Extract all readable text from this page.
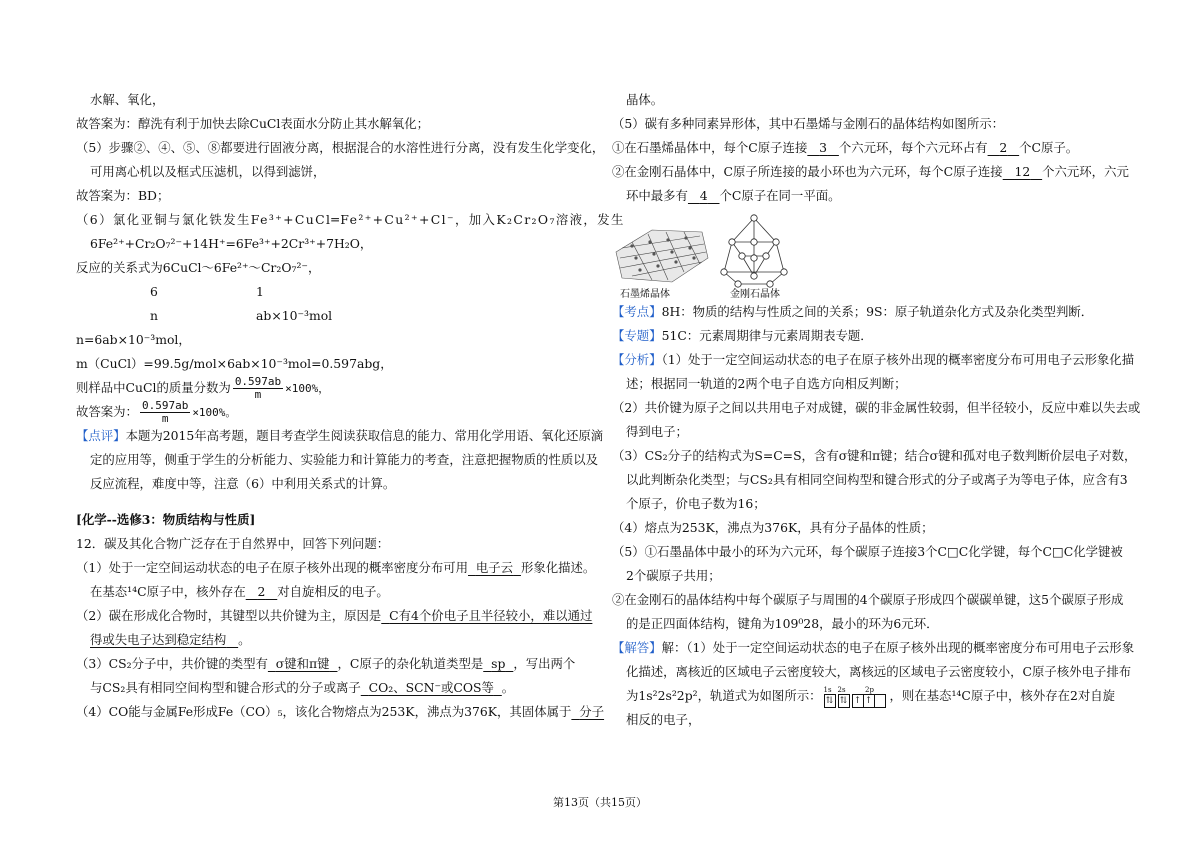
水解、氧化，
故答案为：醇洗有利于加快去除CuCl表面水分防止其水解氧化；
（5）步骤②、④、⑤、⑧都要进行固液分离，根据混合的水溶性进行分离，没有发生化学变化，
可用离心机以及框式压滤机，以得到滤饼，
故答案为：BD；
（6）氯化亚铜与氯化铁发生Fe³⁺+CuCl═Fe²⁺+Cu²⁺+Cl⁻，加入K₂Cr₂O₇溶液，发生
6Fe²⁺+Cr₂O₇²⁻+14H⁺=6Fe³⁺+2Cr³⁺+7H₂O，
反应的关系式为6CuCl～6Fe²⁺～Cr₂O₇²⁻，
6	1
n	ab×10⁻³mol
n=6ab×10⁻³mol，
m（CuCl）=99.5g/mol×6ab×10⁻³mol=0.597abg，
则样品中CuCl的质量分数为 $\frac{0.597ab}{m} \times 100\%$，
故答案为： $\frac{0.597ab}{m} \times 100\%$。
【点评】本题为2015年高考题，题目考查学生阅读获取信息的能力、常用化学用语、氧化还原滴
定的应用等，侧重于学生的分析能力、实验能力和计算能力的考查，注意把握物质的性质以及
反应流程，难度中等，注意（6）中利用关系式的计算。
[化学--选修3：物质结构与性质]
12．碳及其化合物广泛存在于自然界中，回答下列问题：
（1）处于一定空间运动状态的电子在原子核外出现的概率密度分布可用 电子云 形象化描述。
在基态¹⁴C原子中，核外存在 2 对自旋相反的电子。
（2）碳在形成化合物时，其键型以共价键为主，原因是 C有4个价电子且半径较小，难以通过
得或失电子达到稳定结构 。
（3）CS₂分子中，共价键的类型有 σ键和π键 ，C原子的杂化轨道类型是 sp ，写出两个
与CS₂具有相同空间构型和键合形式的分子或离子 CO₂、SCN⁻或COS等 。
（4）CO能与金属Fe形成Fe（CO）₅，该化合物熔点为253K，沸点为376K，其固体属于 分子
晶体。
（5）碳有多种同素异形体，其中石墨烯与金刚石的晶体结构如图所示：
①在石墨烯晶体中，每个C原子连接 3 个六元环，每个六元环占有 2 个C原子。
②在金刚石晶体中，C原子所连接的最小环也为六元环，每个C原子连接 12 个六元环，六元
环中最多有 4 个C原子在同一平面。
石墨烯晶体	金刚石晶体
【考点】8H：物质的结构与性质之间的关系；9S：原子轨道杂化方式及杂化类型判断．
【专题】51C：元素周期律与元素周期表专题．
【分析】（1）处于一定空间运动状态的电子在原子核外出现的概率密度分布可用电子云形象化描
述；根据同一轨道的2两个电子自选方向相反判断；
（2）共价键为原子之间以共用电子对成键，碳的非金属性较弱，但半径较小，反应中难以失去或
得到电子；
（3）CS₂分子的结构式为S=C=S，含有σ键和π键；结合σ键和孤对电子数判断价层电子对数，
以此判断杂化类型；与CS₂具有相同空间构型和键合形式的分子或离子为等电子体，应含有3
个原子，价电子数为16；
（4）熔点为253K，沸点为376K，具有分子晶体的性质；
（5）①石墨晶体中最小的环为六元环，每个碳原子连接3个C□C化学键，每个C□C化学键被
2个碳原子共用；
②在金刚石的晶体结构中每个碳原子与周围的4个碳原子形成四个碳碳单键，这5个碳原子形成
的是正四面体结构，键角为109⁰28，最小的环为6元环．
【解答】解：（1）处于一定空间运动状态的电子在原子核外出现的概率密度分布可用电子云形象
化描述，离核近的区域电子云密度较大，离核远的区域电子云密度较小，C原子核外电子排布
为1s²2s²2p²，轨道式为如图所示： 1s 2s	2p
⇅ ⇅ ↑ ↑ ，则在基态¹⁴C原子中，核外存在2对自旋
相反的电子，
第13页（共15页）
